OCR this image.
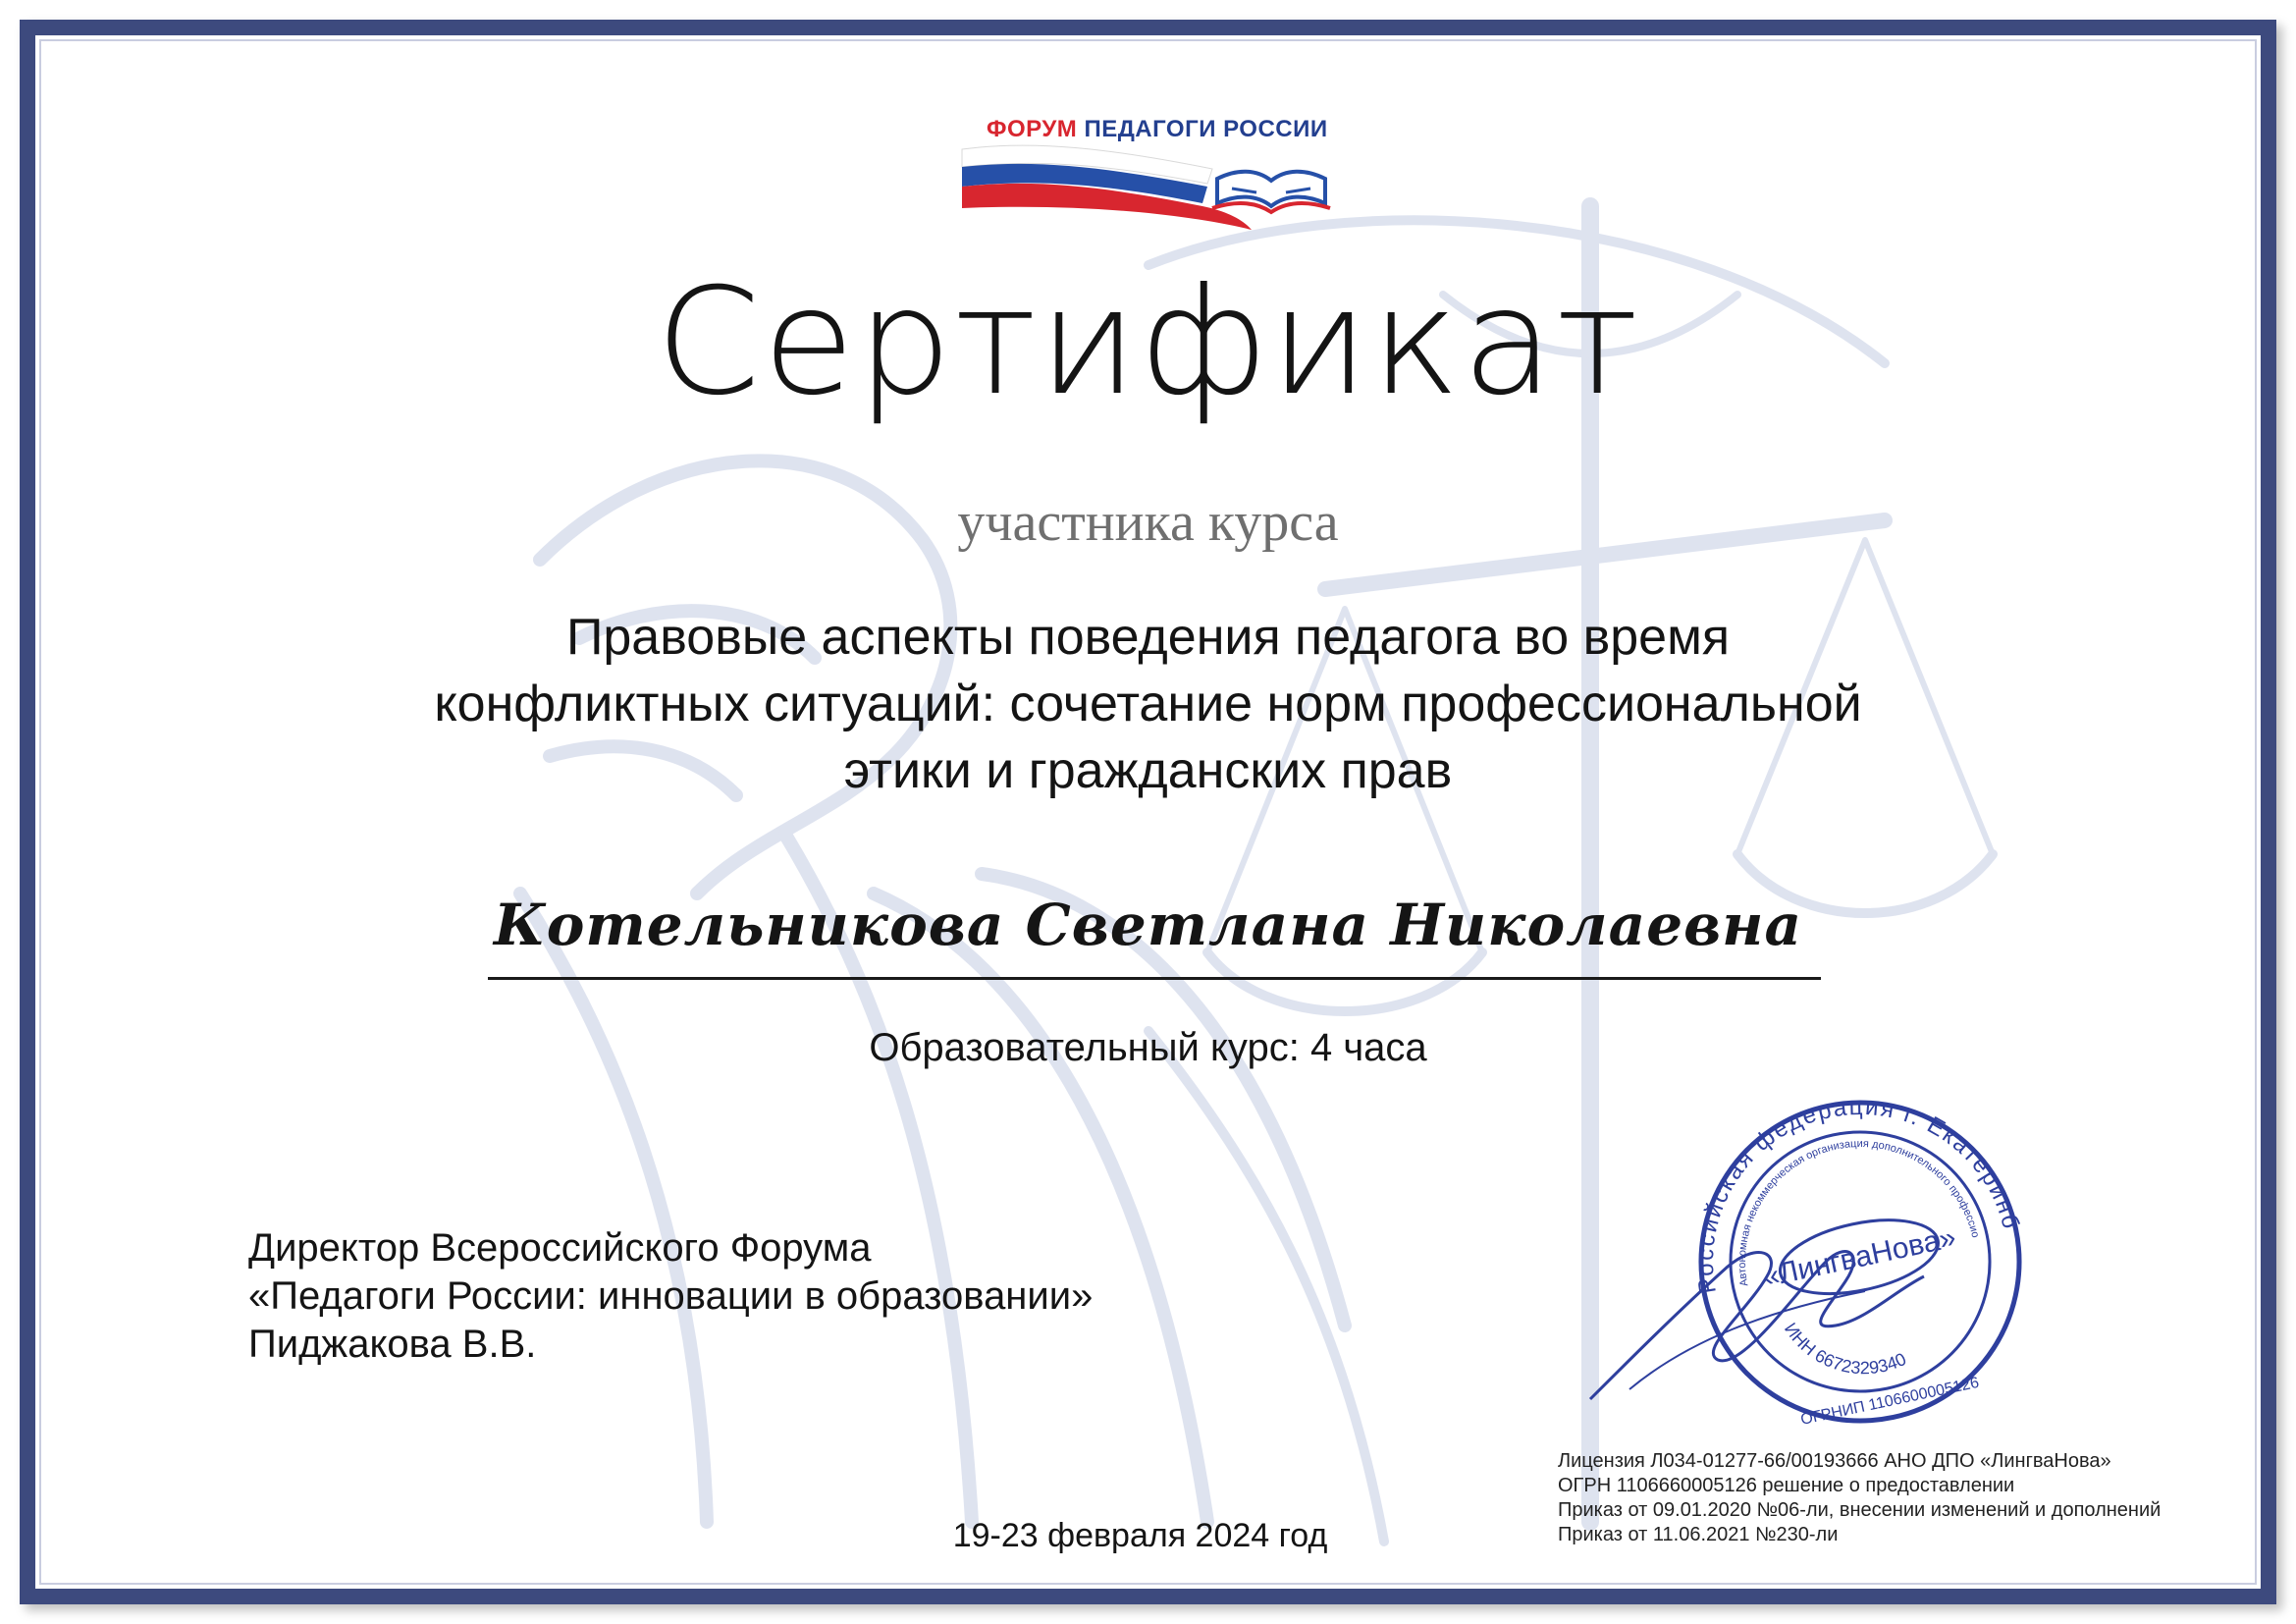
ФОРУМ ПЕДАГОГИ РОССИИ
Сертификат
участника курса
Правовые аспекты поведения педагога во время
конфликтных ситуаций: сочетание норм профессиональной
этики и гражданских прав
Котельникова Светлана Николаевна
Образовательный курс: 4 часа
Директор Всероссийского Форума
«Педагоги России: инновации в образовании»
Пиджакова В.В.
Российская федерация г. Екатеринбург
Автономная некоммерческая организация дополнительного профессионального
«ЛингваНова»
ИНН 6672329340
ОГРНИП 1106600005126
Лицензия Л034-01277-66/00193666 АНО ДПО «ЛингваНова»
ОГРН 1106660005126 решение о предоставлении
Приказ от 09.01.2020 №06-ли, внесении изменений и дополнений
Приказ от 11.06.2021 №230-ли
19-23 февраля 2024 год
